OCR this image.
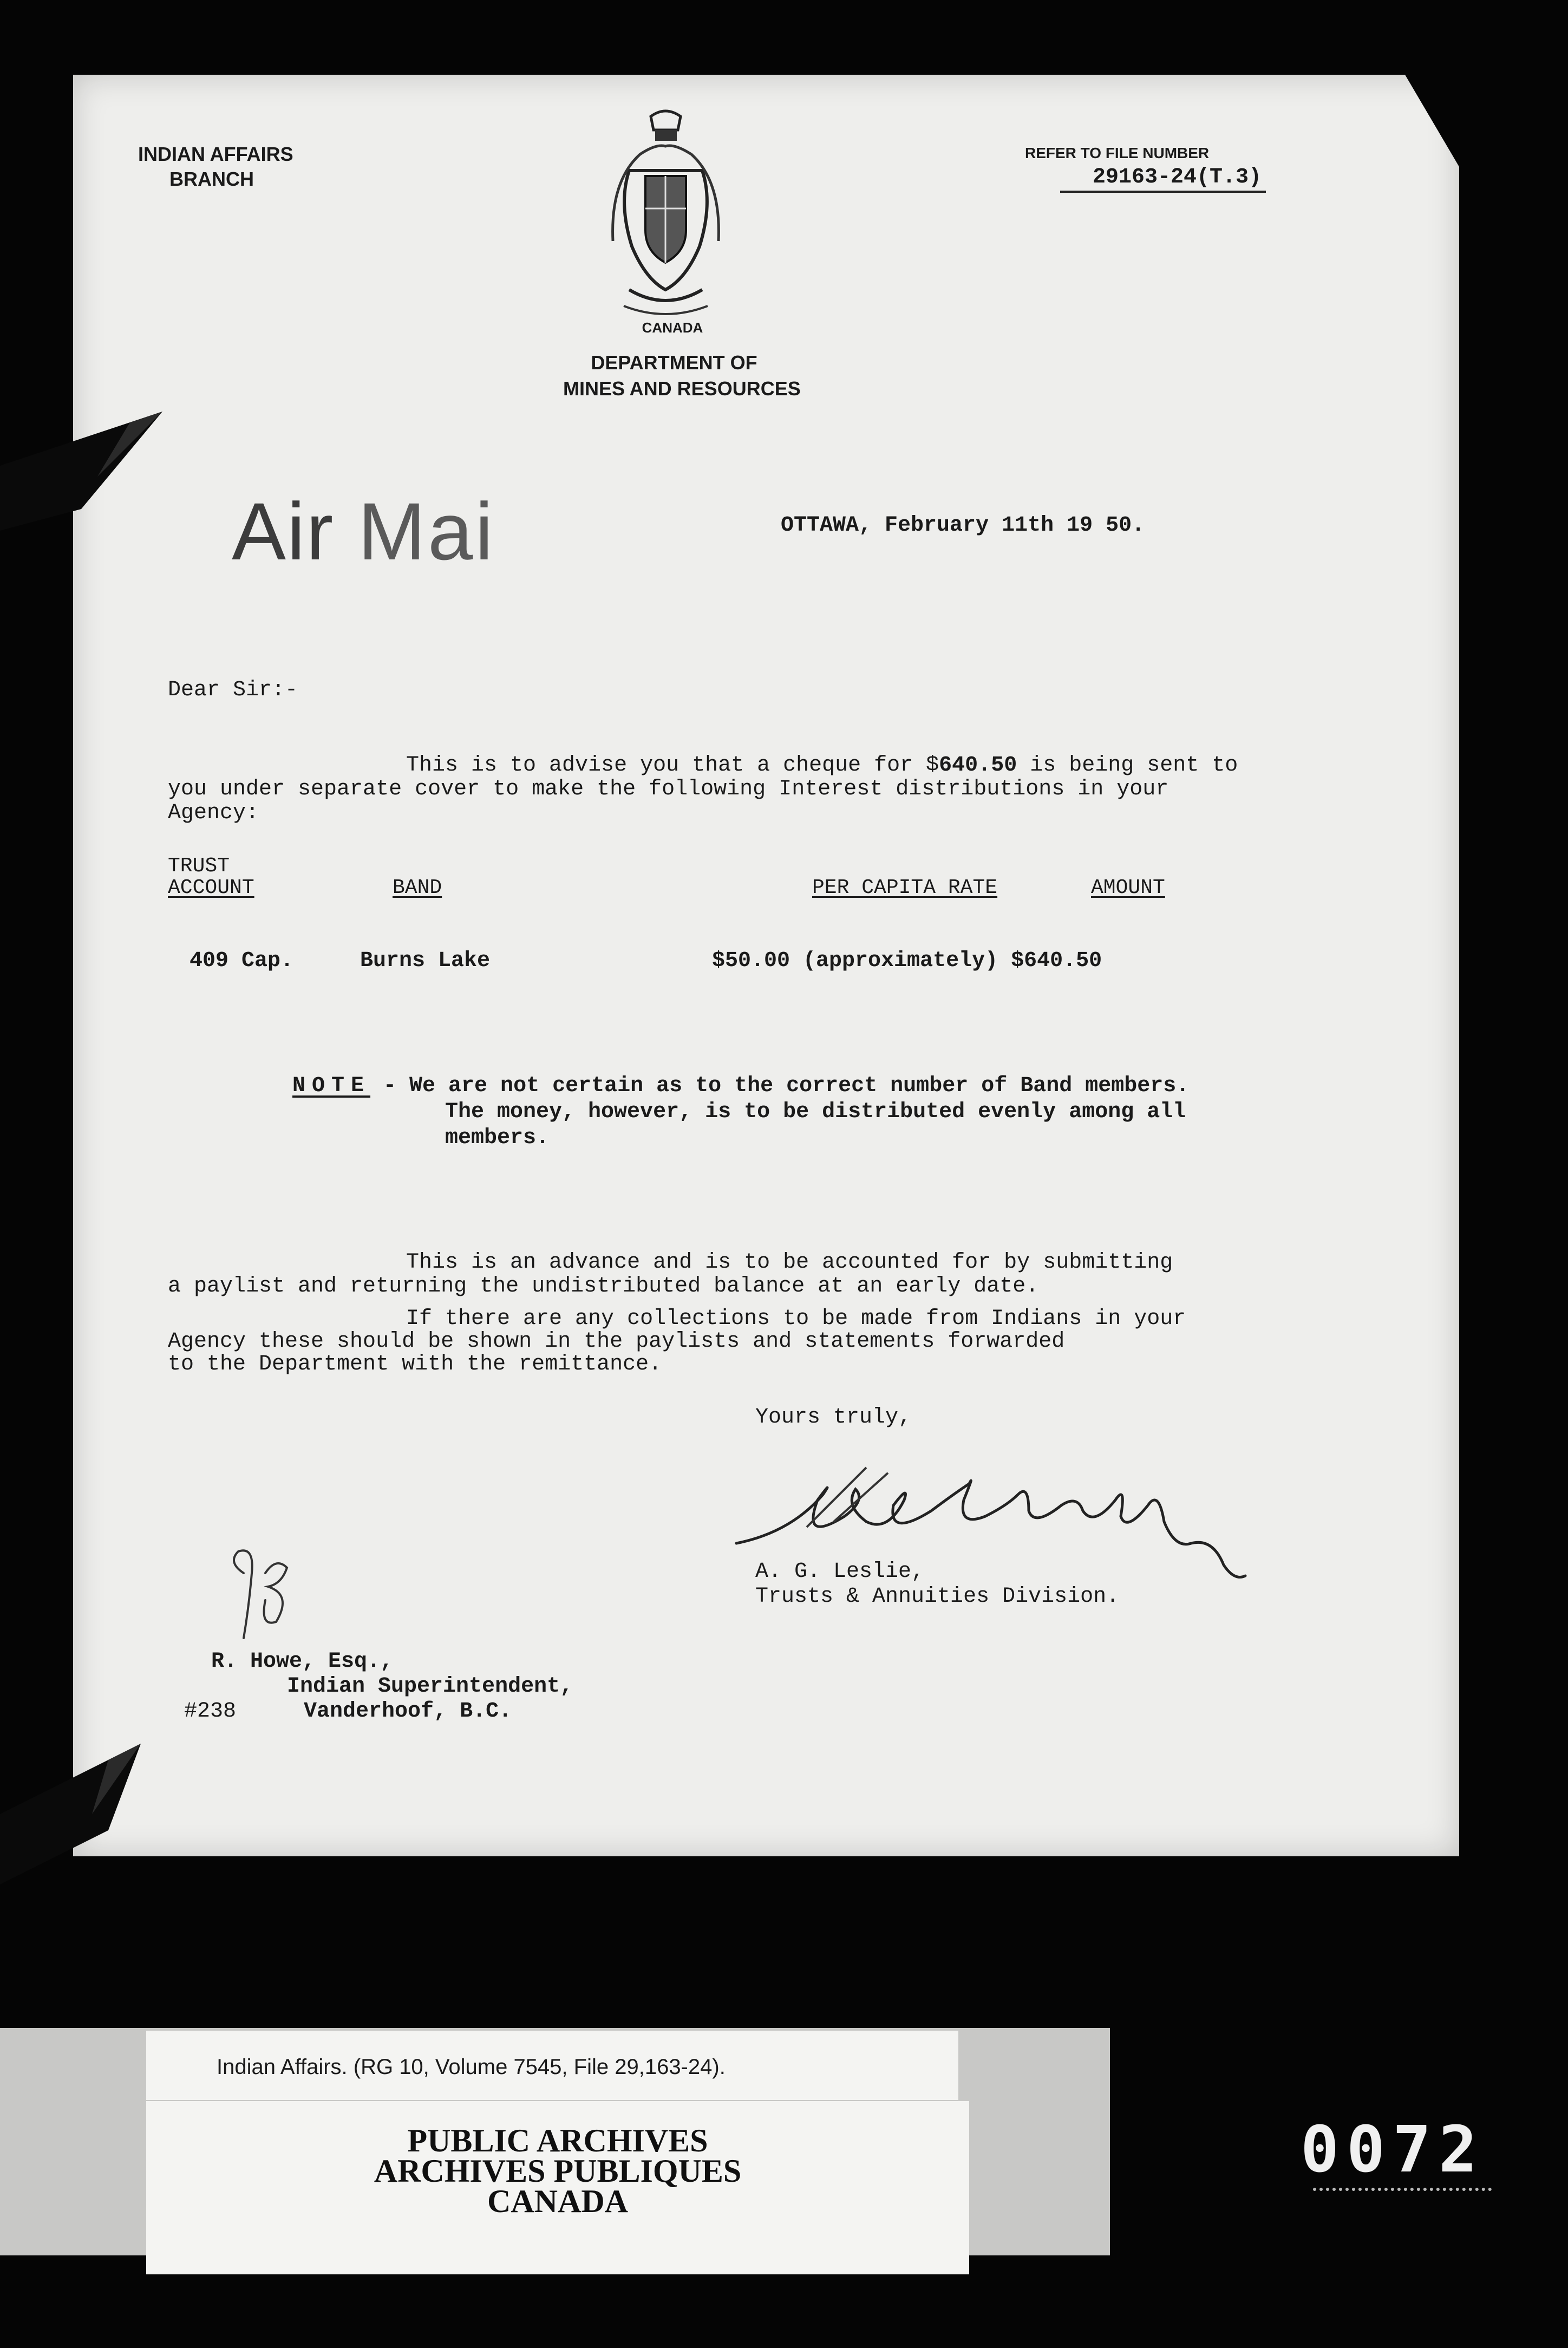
INDIAN AFFAIRS
BRANCH
CANADA
DEPARTMENT OF
MINES AND RESOURCES
REFER TO FILE NUMBER
29163-24(T.3)
Air Mai	OTTAWA, February 11th 19 50.
Dear Sir:-
This is to advise you that a cheque for $640.50 is being sent to you under separate cover to make the following Interest distributions in your Agency:
TRUST
ACCOUNT	BAND	PER CAPITA RATE	AMOUNT
409 Cap.	Burns Lake	$50.00 (approximately) $640.50
NOTE - We are not certain as to the correct number of Band members.
The money, however, is to be distributed evenly among all
members.
This is an advance and is to be accounted for by submitting
a paylist and returning the undistributed balance at an early date.
If there are any collections to be made from Indians in your
Agency these should be shown in the paylists and statements forwarded
to the Department with the remittance.
Yours truly,
A. G. Leslie,
Trusts & Annuities Division.
R. Howe, Esq.,
Indian Superintendent,
#238	Vanderhoof, B.C.
Indian Affairs. (RG 10, Volume 7545, File 29,163-24).
PUBLIC ARCHIVES
ARCHIVES PUBLIQUES
CANADA
0072
